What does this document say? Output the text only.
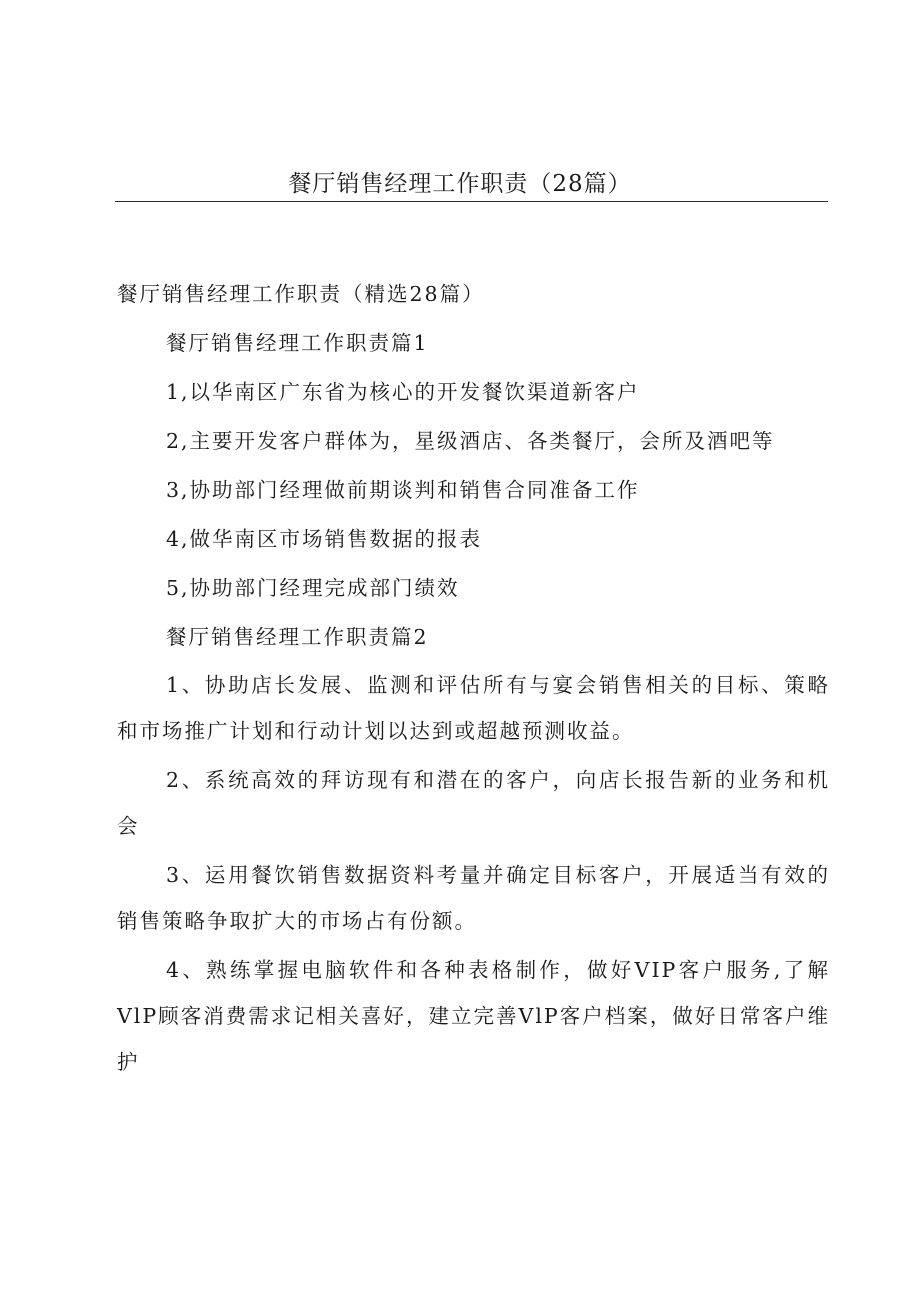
餐厅销售经理工作职责（28篇）

餐厅销售经理工作职责（精选28篇）

餐厅销售经理工作职责篇1

1,以华南区广东省为核心的开发餐饮渠道新客户

2,主要开发客户群体为，星级酒店、各类餐厅，会所及酒吧等

3,协助部门经理做前期谈判和销售合同准备工作

4,做华南区市场销售数据的报表

5,协助部门经理完成部门绩效

餐厅销售经理工作职责篇2

1、协助店长发展、监测和评估所有与宴会销售相关的目标、策略和市场推广计划和行动计划以达到或超越预测收益。

2、系统高效的拜访现有和潜在的客户，向店长报告新的业务和机会

3、运用餐饮销售数据资料考量并确定目标客户，开展适当有效的销售策略争取扩大的市场占有份额。

4、熟练掌握电脑软件和各种表格制作，做好VIP客户服务,了解VlP顾客消费需求记相关喜好，建立完善VlP客户档案，做好日常客户维护
